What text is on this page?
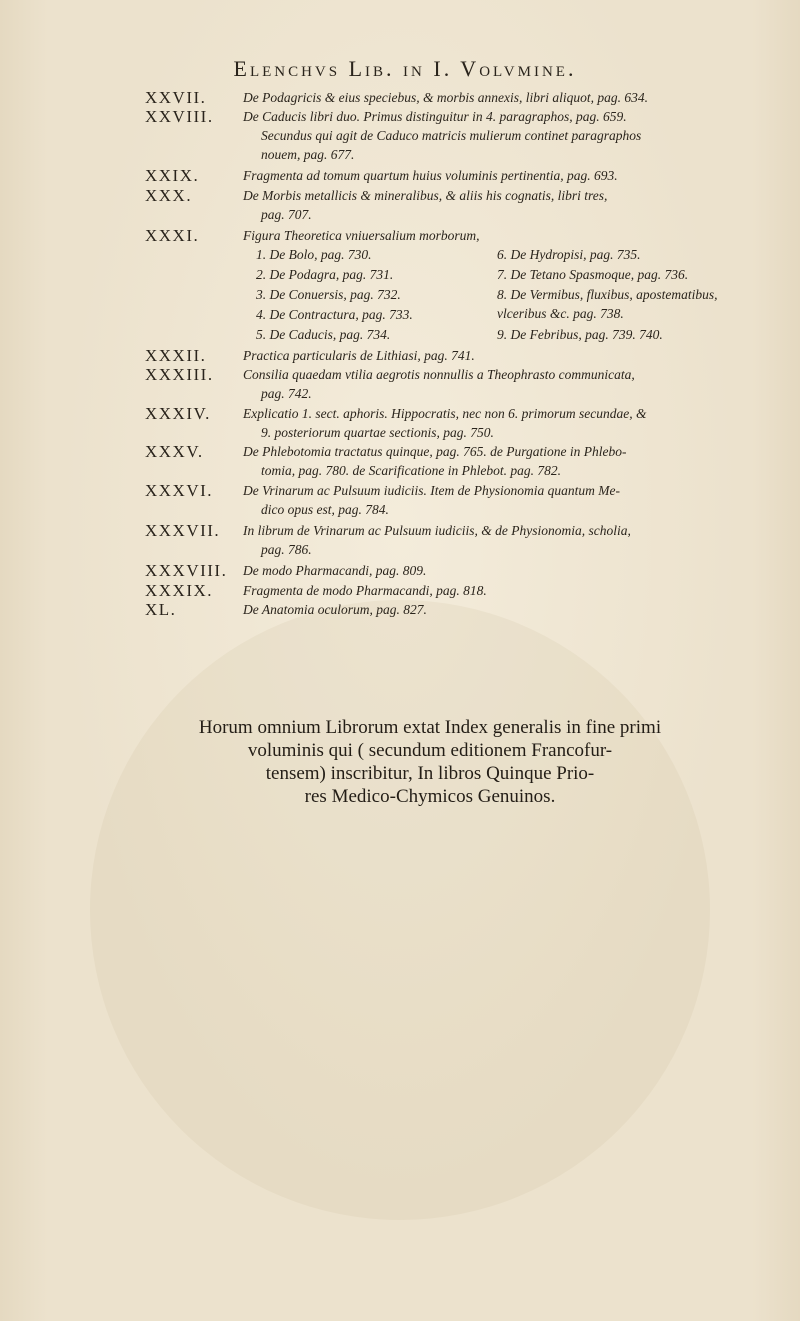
Elenchvs Lib. in I. Volvmine.
XXVII.	De Podagricis & eius speciebus, & morbis annexis, libri aliquot, pag. 634.
XXVIII. De Caducis libri duo. Primus distinguitur in 4. paragraphos, pag. 659.
Secundus qui agit de Caduco matricis mulierum continet paragraphos
nouem, pag. 677.
XXIX.	Fragmenta ad tomum quartum huius voluminis pertinentia, pag. 693.
XXX.	De Morbis metallicis & mineralibus, & aliis his cognatis, libri tres,
pag. 707.
XXXI.	Figura Theoretica vniuersalium morborum,
1. De Bolo, pag. 730.
2. De Podagra, pag. 731.
3. De Conuersis, pag. 732.
4. De Contractura, pag. 733.
5. De Caducis, pag. 734.
6. De Hydropisi, pag. 735.
7. De Tetano Spasmoque, pag. 736.
8. De Vermibus, fluxibus, apostematibus, vlceribus &c. pag. 738.
9. De Febribus, pag. 739. 740.
XXXII.	Practica particularis de Lithiasi, pag. 741.
XXXIII. Consilia quaedam vtilia aegrotis nonnullis a Theophrasto communicata,
pag. 742.
XXXIV. Explicatio 1. sect. aphoris. Hippocratis, nec non 6. primorum secundae, &
9. posteriorum quartae sectionis, pag. 750.
XXXV.	De Phlebotomia tractatus quinque, pag. 765. de Purgatione in Phlebo-
tomia, pag. 780. de Scarificatione in Phlebot. pag. 782.
XXXVI. De Vrinarum ac Pulsuum iudiciis. Item de Physionomia quantum Me-
dico opus est, pag. 784.
XXXVII. In librum de Vrinarum ac Pulsuum iudiciis, & de Physionomia, scholia,
pag. 786.
XXXVIII. De modo Pharmacandi, pag. 809.
XXXIX. Fragmenta de modo Pharmacandi, pag. 818.
XL.	De Anatomia oculorum, pag. 827.
Horum omnium Librorum extat Index generalis in fine primi
voluminis qui ( secundum editionem Francofur-
tensem) inscribitur, In libros Quinque Prio-
res Medico-Chymicos Genuinos.
